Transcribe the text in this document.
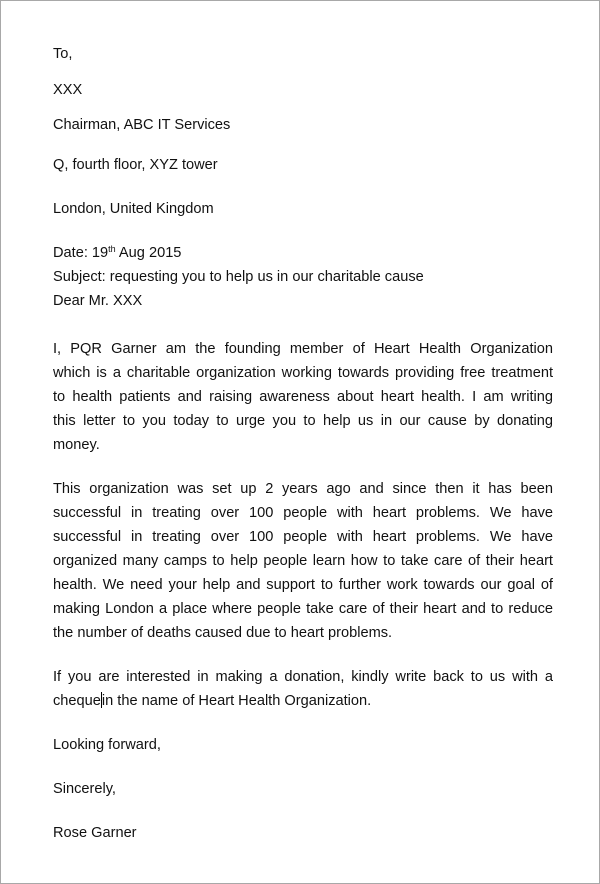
To,
XXX
Chairman, ABC IT Services
Q, fourth floor, XYZ tower
London, United Kingdom
Date: 19th Aug 2015
Subject: requesting you to help us in our charitable cause
Dear Mr. XXX
I, PQR Garner am the founding member of Heart Health Organization
which is a charitable organization working towards providing free treatment
to health patients and raising awareness about heart health. I am writing
this letter to you today to urge you to help us in our cause by donating
money.
This organization was set up 2 years ago and since then it has been
successful in treating over 100 people with heart problems. We have
successful in treating over 100 people with heart problems. We have
organized many camps to help people learn how to take care of their heart
health. We need your help and support to further work towards our goal of
making London a place where people take care of their heart and to reduce
the number of deaths caused due to heart problems.
If you are interested in making a donation, kindly write back to us with a
chequein the name of Heart Health Organization.
Looking forward,
Sincerely,
Rose Garner
